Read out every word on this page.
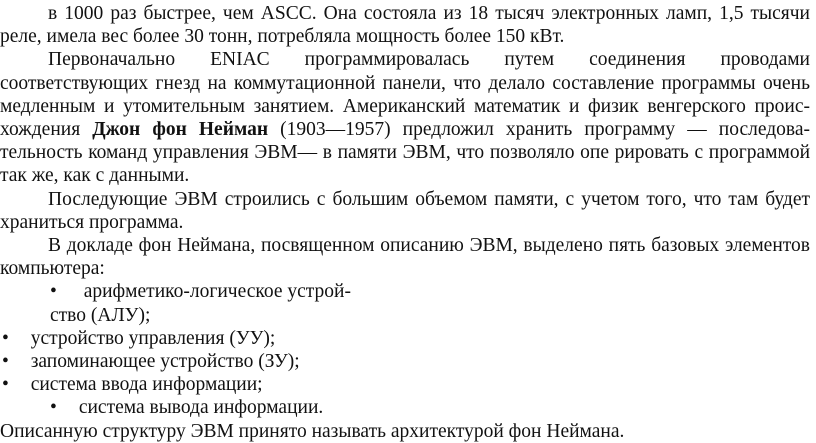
в 1000 раз быстрее, чем ASCC. Она состояла из 18 тысяч электронных ламп, 1,5 тысячи
реле, имела вес более 30 тонн, потребляла мощность более 150 кВт.
Первоначально ENIAC программировалась путем соединения проводами
соответствующих гнезд на коммутационной панели, что делало составление программы очень
медленным и утомительным занятием. Американский математик и физик венгерского проис-
хождения Джон фон Нейман (1903—1957) предложил хранить программу — последова-
тельность команд управления ЭВМ— в памяти ЭВМ, что позволяло опе рировать с программой
так же, как с данными.
Последующие ЭВМ строились с большим объемом памяти, с учетом того, что там будет
храниться программа.
В докладе фон Неймана, посвященном описанию ЭВМ, выделено пять базовых элементов
компьютера:
• арифметико-логическое устрой-
ство (АЛУ);
• устройство управления (УУ);
• запоминающее устройство (ЗУ);
• система ввода информации;
• система вывода информации.
Описанную структуру ЭВМ принято называть архитектурой фон Неймана.
